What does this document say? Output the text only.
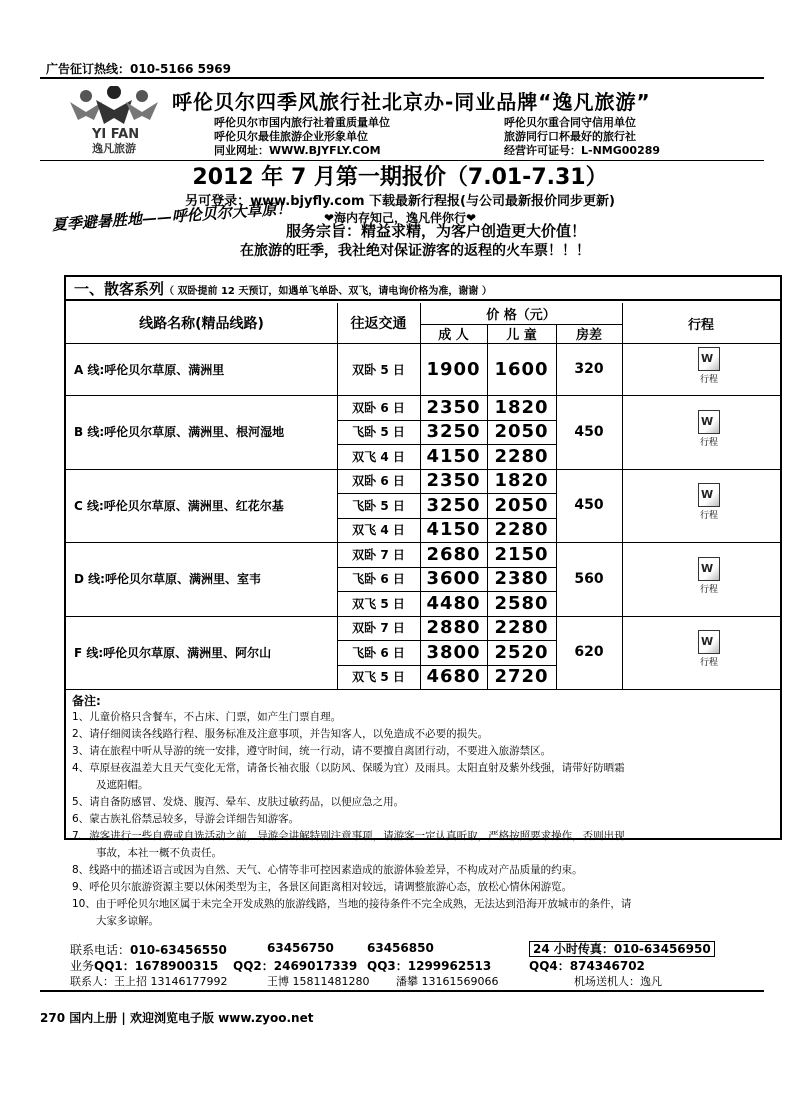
广告征订热线：010-5166 5969
YI FAN
逸凡旅游
呼伦贝尔四季风旅行社北京办-同业品牌“逸凡旅游”
呼伦贝尔市国内旅行社着重质量单位
呼伦贝尔最佳旅游企业形象单位
同业网址：WWW.BJYFLY.COM
呼伦贝尔重合同守信用单位
旅游同行口杯最好的旅行社
经营许可证号：L-NMG00289
2012 年 7 月第一期报价（7.01-7.31）
另可登录：www.bjyfly.com 下载最新行程报(与公司最新报价同步更新)
❤海内存知己，逸凡伴你行❤
夏季避暑胜地——呼伦贝尔大草原！
服务宗旨：精益求精，为客户创造更大价值！
在旅游的旺季，我社绝对保证游客的返程的火车票！！！
一、散客系列（ 双卧提前 12 天预订，如遇单飞单卧、双飞，请电询价格为准，谢谢 ）
线路名称(精品线路)	往返交通
价 格（元）
成 人	儿 童	房差
行程
A 线:呼伦贝尔草原、满洲里	双卧 5 日	1900 1600	320
W
行程
B 线:呼伦贝尔草原、满洲里、根河湿地
双卧 6 日	2350 1820
飞卧 5 日	3250 2050
双飞 4 日	4150 2280
450
W
行程
C 线:呼伦贝尔草原、满洲里、红花尔基
双卧 6 日	2350 1820
飞卧 5 日	3250 2050
双飞 4 日	4150 2280
450
W
行程
D 线:呼伦贝尔草原、满洲里、室韦
双卧 7 日	2680 2150
飞卧 6 日	3600 2380
双飞 5 日	4480 2580
560
W
行程
F 线:呼伦贝尔草原、满洲里、阿尔山
双卧 7 日	2880 2280
飞卧 6 日	3800 2520
双飞 5 日	4680 2720
620
W
行程
备注:
1、儿童价格只含餐车，不占床、门票，如产生门票自理。
2、请仔细阅读各线路行程、服务标准及注意事项，并告知客人，以免造成不必要的损失。
3、请在旅程中听从导游的统一安排，遵守时间，统一行动，请不要擅自离团行动，不要进入旅游禁区。
4、草原昼夜温差大且天气变化无常，请备长袖衣服（以防风、保暖为宜）及雨具。太阳直射及紫外线强，请带好防晒霜
及遮阳帽。
5、请自备防感冒、发烧、腹泻、晕车、皮肤过敏药品，以便应急之用。
6、蒙古族礼俗禁忌较多，导游会详细告知游客。
7、游客进行一些自费或自选活动之前，导游会讲解特别注意事项，请游客一定认真听取，严格按照要求操作，否则出现
事故，本社一概不负责任。
8、线路中的描述语言或因为自然、天气、心情等非可控因素造成的旅游体验差异，不构成对产品质量的约束。
9、呼伦贝尔旅游资源主要以休闲类型为主，各景区间距离相对较远，请调整旅游心态，放松心情休闲游览。
10、由于呼伦贝尔地区属于未完全开发成熟的旅游线路，当地的接待条件不完全成熟，无法达到沿海开放城市的条件，请
大家多谅解。
联系电话：010-63456550	63456750	63456850	24 小时传真：010-63456950
业务QQ1：1678900315 QQ2：2469017339 QQ3：1299962513	QQ4：874346702
联系人：王上招 13146177992	王博 15811481280 潘攀 13161569066	机场送机人：逸凡
270 国内上册 | 欢迎浏览电子版 www.zyoo.net
